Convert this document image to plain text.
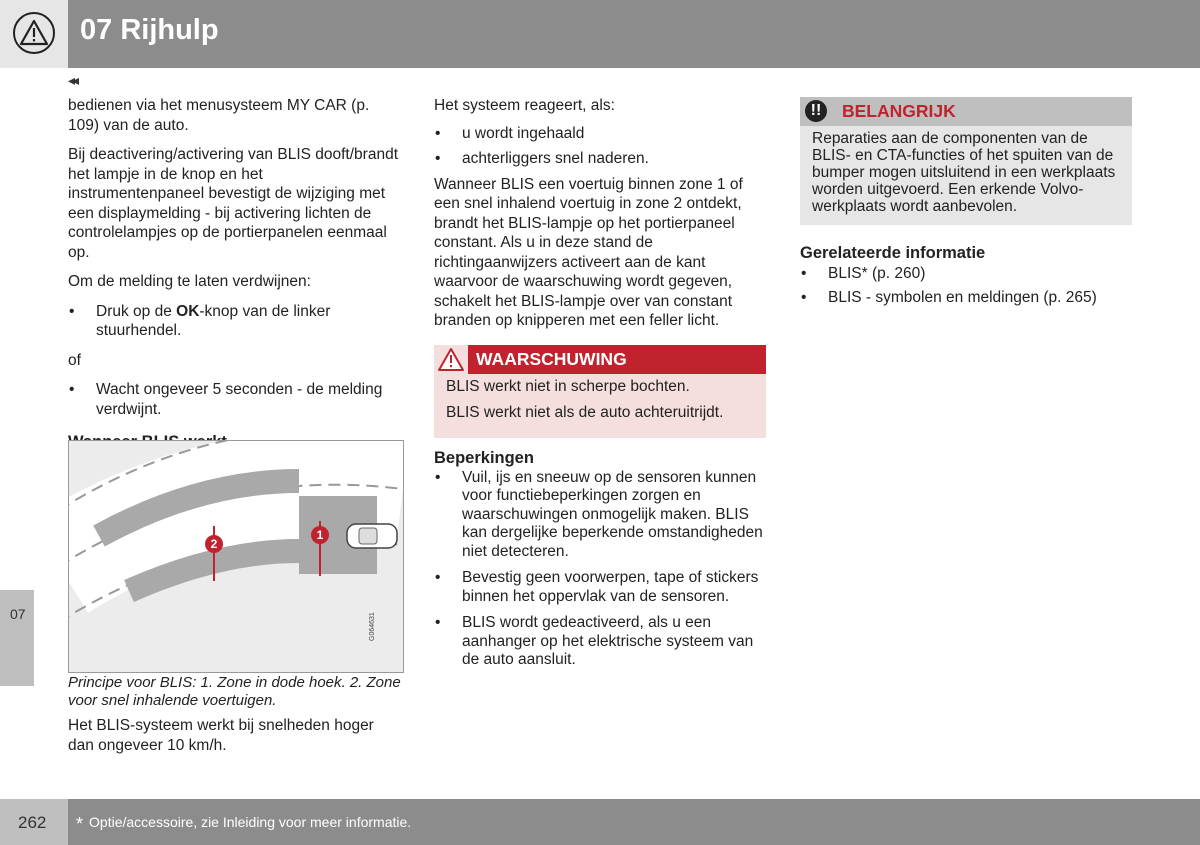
07 Rijhulp
◂◂
07

bedienen via het menusysteem MY CAR (p. 109) van de auto.

Bij deactivering/activering van BLIS dooft/brandt het lampje in de knop en het instrumentenpaneel bevestigt de wijziging met een displaymelding - bij activering lichten de controlelampjes op de portierpanelen eenmaal op.

Om de melding te laten verdwijnen:

• Druk op de OK-knop van de linker stuurhendel.

of

• Wacht ongeveer 5 seconden - de melding verdwijnt.
1
2
G064631
Principe voor BLIS: 1. Zone in dode hoek. 2. Zone voor snel inhalende voertuigen.

Het BLIS-systeem werkt bij snelheden hoger dan ongeveer 10 km/h.

Het systeem reageert, als:

• u wordt ingehaald
• achterliggers snel naderen.

Wanneer BLIS een voertuig binnen zone 1 of een snel inhalend voertuig in zone 2 ontdekt, brandt het BLIS-lampje op het portierpaneel constant. Als u in deze stand de richtingaanwijzers activeert aan de kant waarvoor de waarschuwing wordt gegeven, schakelt het BLIS-lampje over van constant branden op knipperen met een feller licht.

WAARSCHUWING

BLIS werkt niet in scherpe bochten.

BLIS werkt niet als de auto achteruitrijdt.

Beperkingen
• Vuil, ijs en sneeuw op de sensoren kunnen voor functiebeperkingen zorgen en waarschuwingen onmogelijk maken. BLIS kan dergelijke beperkende omstandigheden niet detecteren.
• Bevestig geen voorwerpen, tape of stickers binnen het oppervlak van de sensoren.
• BLIS wordt gedeactiveerd, als u een aanhanger op het elektrische systeem van de auto aansluit.
!!	BELANGRIJK
Reparaties aan de componenten van de BLIS- en CTA-functies of het spuiten van de bumper mogen uitsluitend in een werkplaats worden uitgevoerd. Een erkende Volvo-werkplaats wordt aanbevolen.
Gerelateerde informatie
• BLIS* (p. 260)
• BLIS - symbolen en meldingen (p. 265)
262 * Optie/accessoire, zie Inleiding voor meer informatie.
